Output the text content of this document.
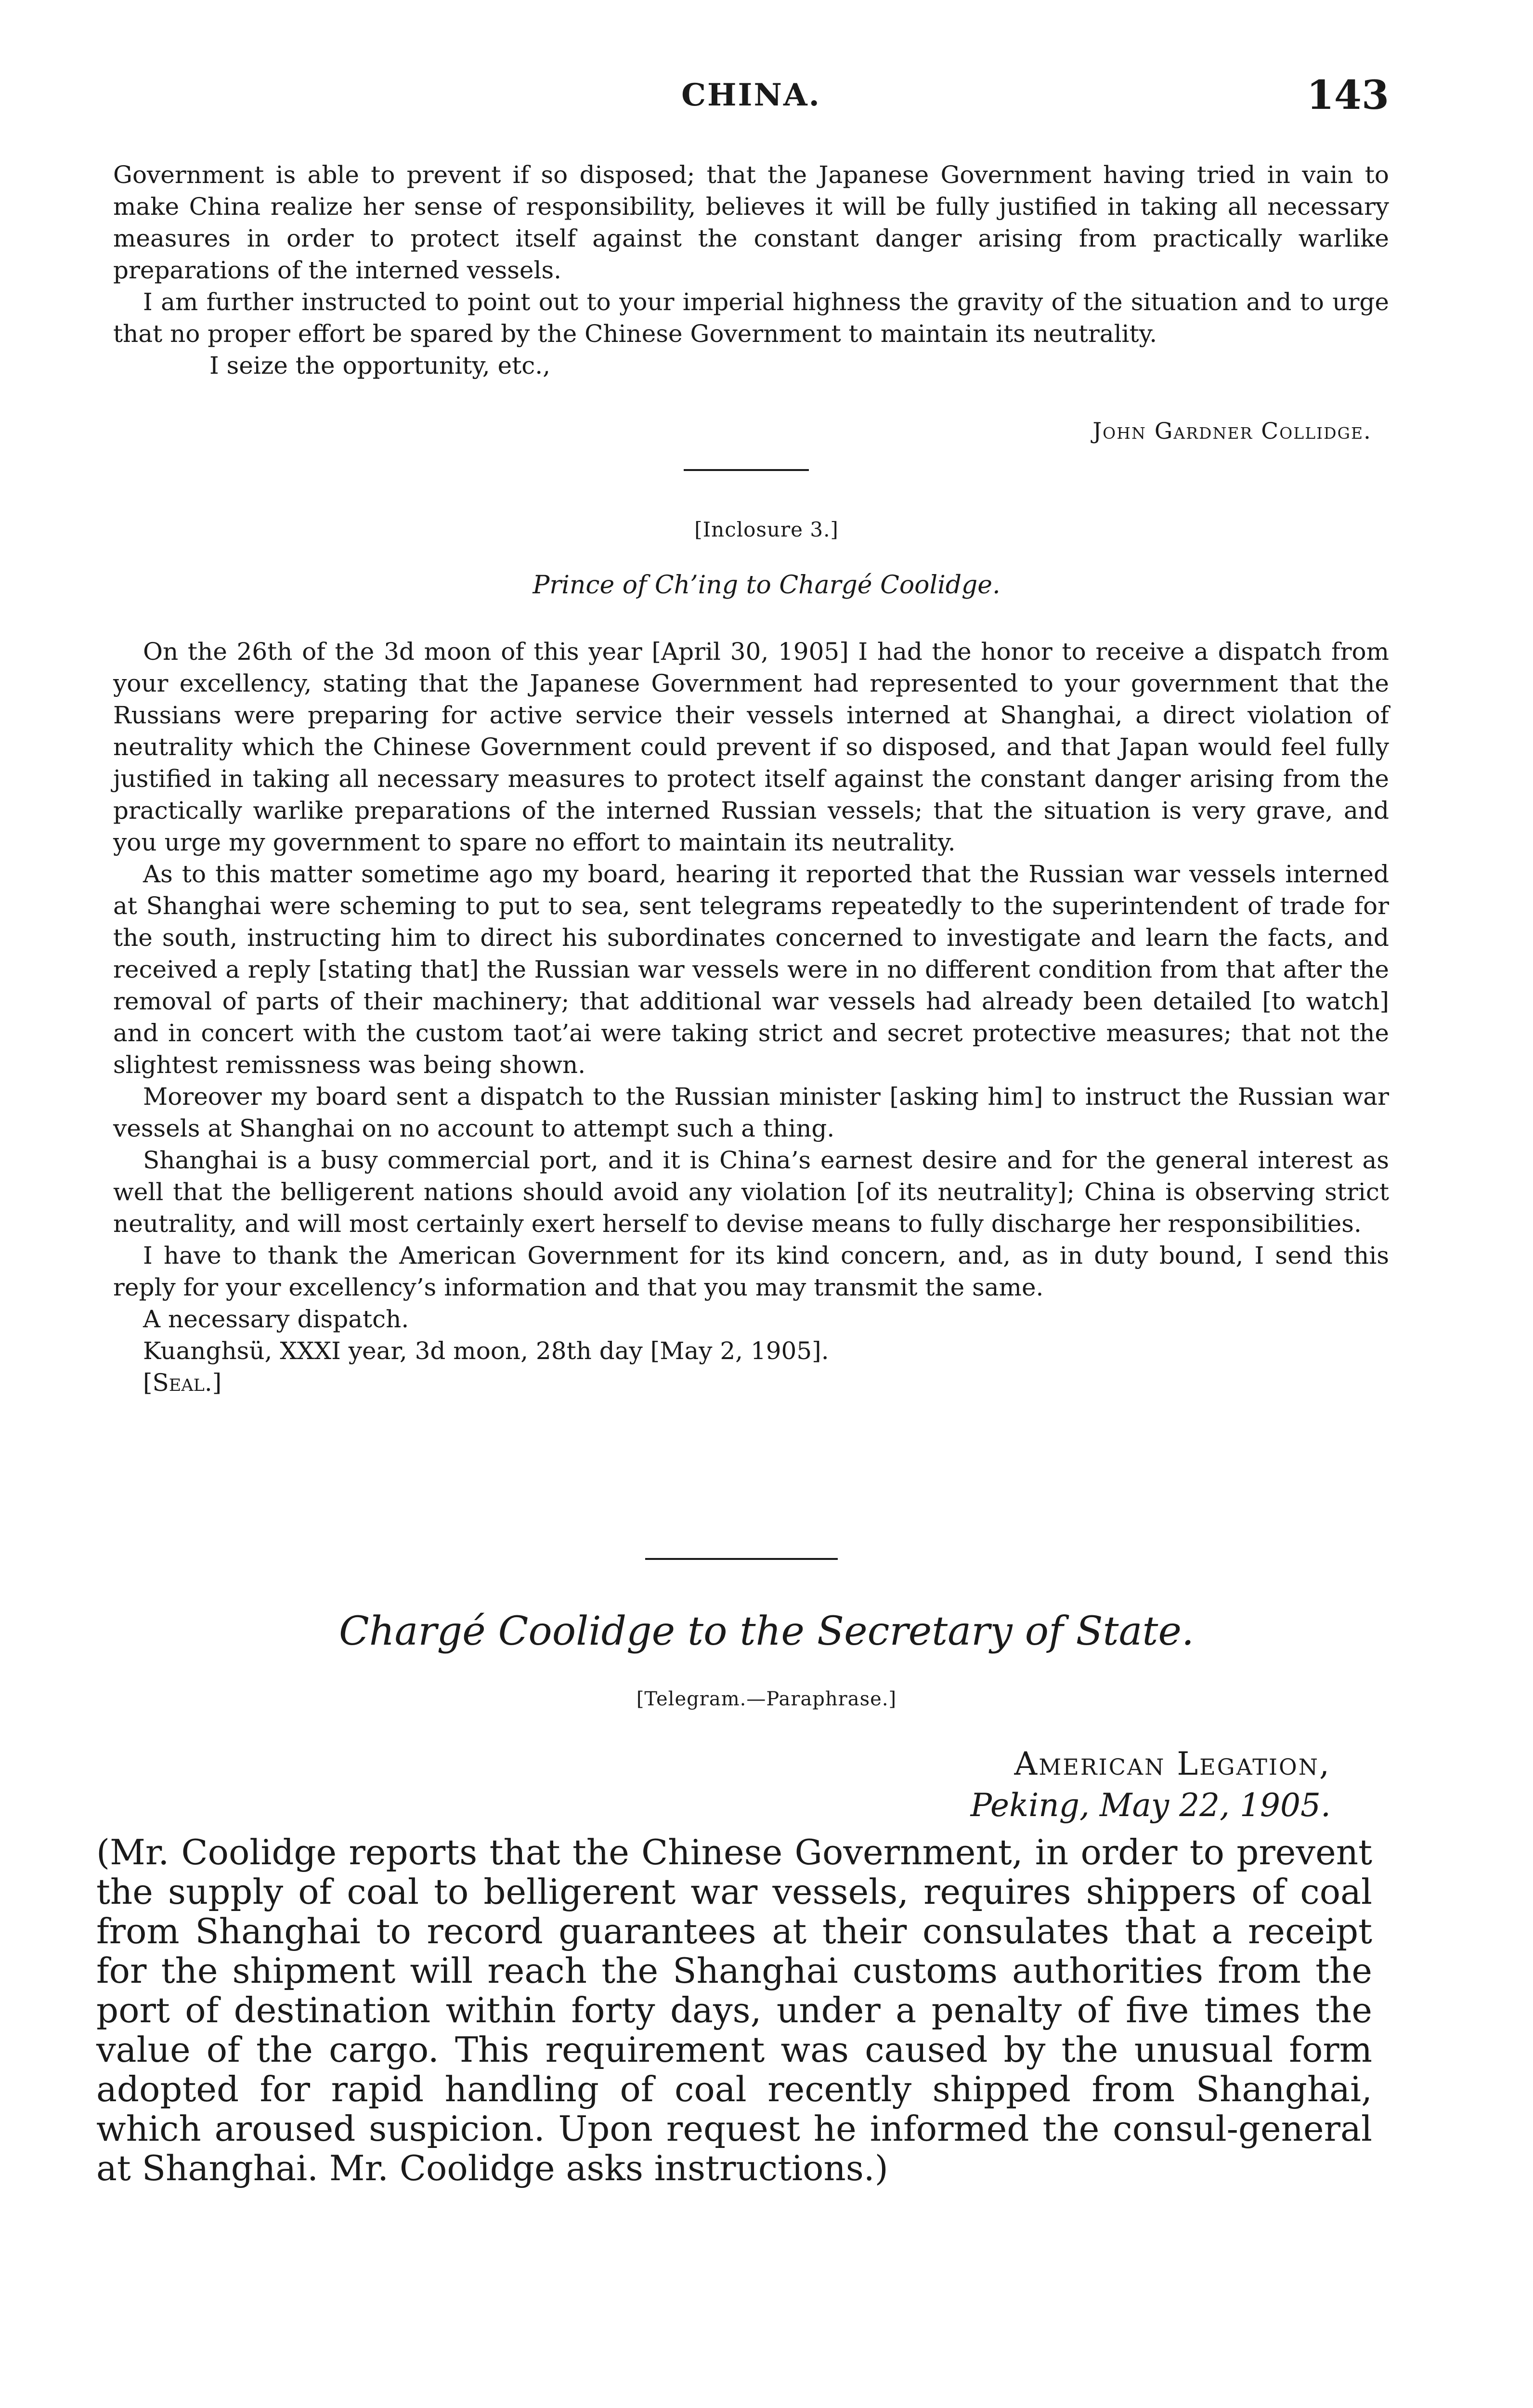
CHINA.	143

Government is able to prevent if so disposed; that the Japanese Government having tried in vain to make China realize her sense of responsibility, believes it will be fully justified in taking all necessary measures in order to protect itself against the constant danger arising from practically warlike preparations of the interned vessels.

I am further instructed to point out to your imperial highness the gravity of the situation and to urge that no proper effort be spared by the Chinese Government to maintain its neutrality.

I seize the opportunity, etc.,

John Gardner Collidge.
[Inclosure 3.]
Prince of Ch’ing to Chargé Coolidge.

On the 26th of the 3d moon of this year [April 30, 1905] I had the honor to receive a dispatch from your excellency, stating that the Japanese Government had represented to your government that the Russians were preparing for active service their vessels interned at Shanghai, a direct violation of neutrality which the Chinese Government could prevent if so disposed, and that Japan would feel fully justified in taking all necessary measures to protect itself against the constant danger arising from the practically warlike preparations of the interned Russian vessels; that the situation is very grave, and you urge my government to spare no effort to maintain its neutrality.

As to this matter sometime ago my board, hearing it reported that the Russian war vessels interned at Shanghai were scheming to put to sea, sent telegrams repeatedly to the superintendent of trade for the south, instructing him to direct his subordinates concerned to investigate and learn the facts, and received a reply [stating that] the Russian war vessels were in no different condition from that after the removal of parts of their machinery; that additional war vessels had already been detailed [to watch] and in concert with the custom taot’ai were taking strict and secret protective measures; that not the slightest remissness was being shown.

Moreover my board sent a dispatch to the Russian minister [asking him] to instruct the Russian war vessels at Shanghai on no account to attempt such a thing.

Shanghai is a busy commercial port, and it is China’s earnest desire and for the general interest as well that the belligerent nations should avoid any violation [of its neutrality]; China is observing strict neutrality, and will most certainly exert herself to devise means to fully discharge her responsibilities.

I have to thank the American Government for its kind concern, and, as in duty bound, I send this reply for your excellency’s information and that you may transmit the same.

A necessary dispatch.

Kuanghsü, XXXI year, 3d moon, 28th day [May 2, 1905].

[Seal.]

Chargé Coolidge to the Secretary of State.
[Telegram.—Paraphrase.]
American Legation,
Peking, May 22, 1905.

(Mr. Coolidge reports that the Chinese Government, in order to prevent the supply of coal to belligerent war vessels, requires shippers of coal from Shanghai to record guarantees at their consulates that a receipt for the shipment will reach the Shanghai customs authorities from the port of destination within forty days, under a penalty of five times the value of the cargo. This requirement was caused by the unusual form adopted for rapid handling of coal recently shipped from Shanghai, which aroused suspicion. Upon request he informed the consul-general at Shanghai. Mr. Coolidge asks instructions.)
